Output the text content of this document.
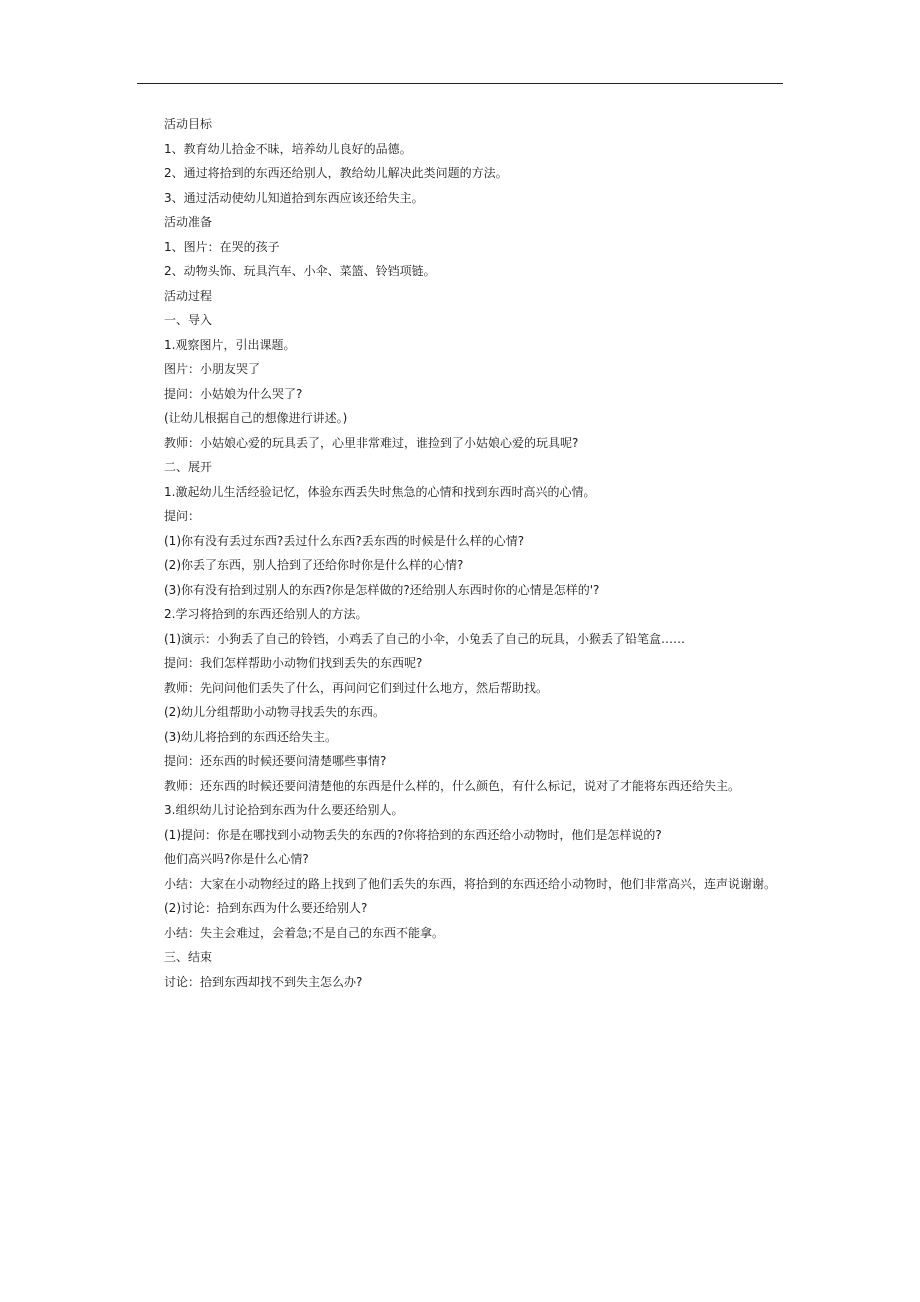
活动目标
1、教育幼儿拾金不昧，培养幼儿良好的品德。
2、通过将拾到的东西还给别人，教给幼儿解决此类问题的方法。
3、通过活动使幼儿知道拾到东西应该还给失主。
活动准备
1、图片：在哭的孩子
2、动物头饰、玩具汽车、小伞、菜篮、铃铛项链。
活动过程
一、导入
1.观察图片，引出课题。
图片：小朋友哭了
提问：小姑娘为什么哭了?
(让幼儿根据自己的想像进行讲述。)
教师：小姑娘心爱的玩具丢了，心里非常难过，谁捡到了小姑娘心爱的玩具呢?
二、展开
1.激起幼儿生活经验记忆，体验东西丢失时焦急的心情和找到东西时高兴的心情。
提问：
(1)你有没有丢过东西?丢过什么东西?丢东西的时候是什么样的心情?
(2)你丢了东西，别人拾到了还给你时你是什么样的心情?
(3)你有没有拾到过别人的东西?你是怎样做的?还给别人东西时你的心情是怎样的'?
2.学习将拾到的东西还给别人的方法。
(1)演示：小狗丢了自己的铃铛，小鸡丢了自己的小伞，小兔丢了自己的玩具，小猴丢了铅笔盒……
提问：我们怎样帮助小动物们找到丢失的东西呢?
教师：先问问他们丢失了什么，再问问它们到过什么地方，然后帮助找。
(2)幼儿分组帮助小动物寻找丢失的东西。
(3)幼儿将拾到的东西还给失主。
提问：还东西的时候还要问清楚哪些事情?
教师：还东西的时候还要问清楚他的东西是什么样的，什么颜色，有什么标记，说对了才能将东西还给失主。
3.组织幼儿讨论拾到东西为什么要还给别人。
(1)提问：你是在哪找到小动物丢失的东西的?你将拾到的东西还给小动物时，他们是怎样说的?
他们高兴吗?你是什么心情?
小结：大家在小动物经过的路上找到了他们丢失的东西，将拾到的东西还给小动物时，他们非常高兴，连声说谢谢。
(2)讨论：拾到东西为什么要还给别人?
小结：失主会难过，会着急;不是自己的东西不能拿。
三、结束
讨论：拾到东西却找不到失主怎么办?
